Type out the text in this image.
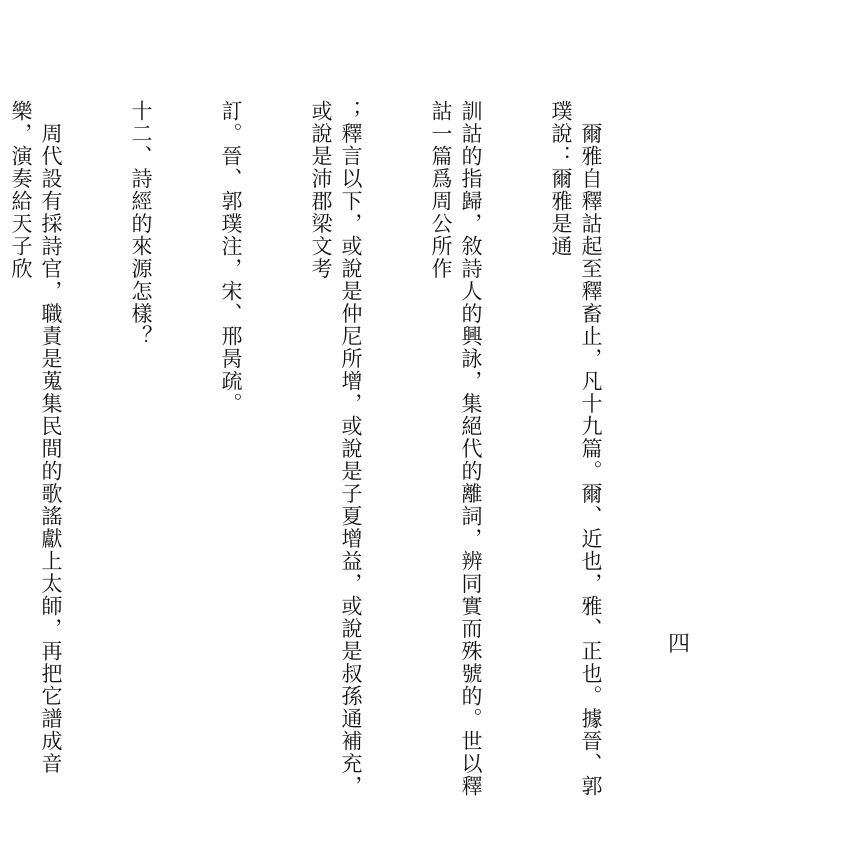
四

　爾雅自釋詁起至釋畜止，凡十九篇。爾、近也，雅、正也。據晉、郭璞說：爾雅是通

訓詁的指歸，敘詩人的興詠，集絕代的離詞，辨同實而殊號的。世以釋詁一篇爲周公所作

；釋言以下，或說是仲尼所增，或說是子夏增益，或說是叔孫通補充，或說是沛郡梁文考

訂。晉、郭璞注，宋、邢昺疏。

十二、詩經的來源怎樣？

　周代設有採詩官，職責是蒐集民間的歌謠獻上太師，再把它譜成音樂，演奏給天子欣
